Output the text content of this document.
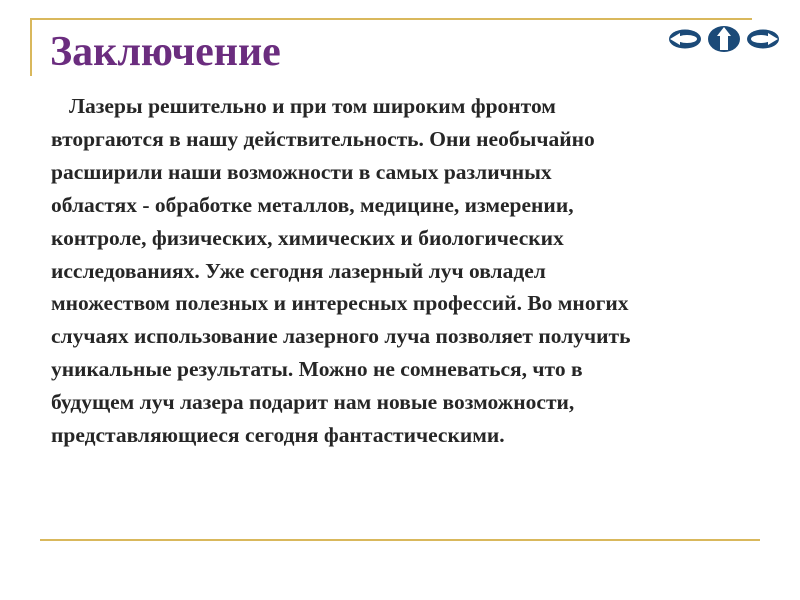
Заключение

Лазеры решительно и при том широким фронтом
вторгаются в нашу действительность. Они необычайно
расширили наши возможности в самых различных
областях - обработке металлов, медицине, измерении,
контроле, физических, химических и биологических
исследованиях. Уже сегодня лазерный луч овладел
множеством полезных и интересных профессий. Во многих
случаях использование лазерного луча позволяет получить
уникальные результаты. Можно не сомневаться, что в
будущем луч лазера подарит нам новые возможности,
представляющиеся сегодня фантастическими.
